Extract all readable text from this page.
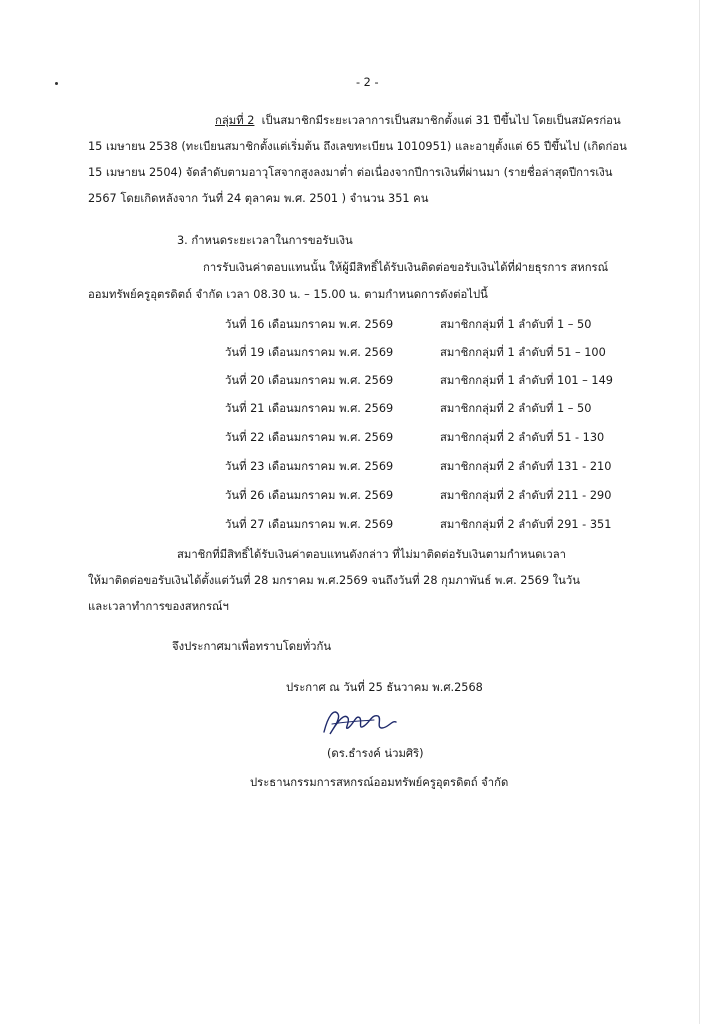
- 2 -
กลุ่มที่ 2 เป็นสมาชิกมีระยะเวลาการเป็นสมาชิกตั้งแต่ 31 ปีขึ้นไป โดยเป็นสมัครก่อน
15 เมษายน 2538 (ทะเบียนสมาชิกตั้งแต่เริ่มต้น ถึงเลขทะเบียน 1010951) และอายุตั้งแต่ 65 ปีขึ้นไป (เกิดก่อน
15 เมษายน 2504) จัดลำดับตามอาวุโสจากสูงลงมาต่ำ ต่อเนื่องจากปีการเงินที่ผ่านมา (รายชื่อล่าสุดปีการเงิน
2567 โดยเกิดหลังจาก วันที่ 24 ตุลาคม พ.ศ. 2501 ) จำนวน 351 คน
3. กำหนดระยะเวลาในการขอรับเงิน
การรับเงินค่าตอบแทนนั้น ให้ผู้มีสิทธิ์ได้รับเงินติดต่อขอรับเงินได้ที่ฝ่ายธุรการ สหกรณ์
ออมทรัพย์ครูอุตรดิตถ์ จำกัด เวลา 08.30 น. – 15.00 น. ตามกำหนดการดังต่อไปนี้
วันที่ 16 เดือนมกราคม พ.ศ. 2569	สมาชิกกลุ่มที่ 1 ลำดับที่ 1 – 50
วันที่ 19 เดือนมกราคม พ.ศ. 2569	สมาชิกกลุ่มที่ 1 ลำดับที่ 51 – 100
วันที่ 20 เดือนมกราคม พ.ศ. 2569	สมาชิกกลุ่มที่ 1 ลำดับที่ 101 – 149
วันที่ 21 เดือนมกราคม พ.ศ. 2569	สมาชิกกลุ่มที่ 2 ลำดับที่ 1 – 50
วันที่ 22 เดือนมกราคม พ.ศ. 2569	สมาชิกกลุ่มที่ 2 ลำดับที่ 51 - 130
วันที่ 23 เดือนมกราคม พ.ศ. 2569	สมาชิกกลุ่มที่ 2 ลำดับที่ 131 - 210
วันที่ 26 เดือนมกราคม พ.ศ. 2569	สมาชิกกลุ่มที่ 2 ลำดับที่ 211 - 290
วันที่ 27 เดือนมกราคม พ.ศ. 2569	สมาชิกกลุ่มที่ 2 ลำดับที่ 291 - 351
สมาชิกที่มีสิทธิ์ได้รับเงินค่าตอบแทนดังกล่าว ที่ไม่มาติดต่อรับเงินตามกำหนดเวลา
ให้มาติดต่อขอรับเงินได้ตั้งแต่วันที่ 28 มกราคม พ.ศ.2569 จนถึงวันที่ 28 กุมภาพันธ์ พ.ศ. 2569 ในวัน
และเวลาทำการของสหกรณ์ฯ
จึงประกาศมาเพื่อทราบโดยทั่วกัน
ประกาศ ณ วันที่ 25 ธันวาคม พ.ศ.2568
(ดร.ธำรงค์ น่วมศิริ)
ประธานกรรมการสหกรณ์ออมทรัพย์ครูอุตรดิตถ์ จำกัด
